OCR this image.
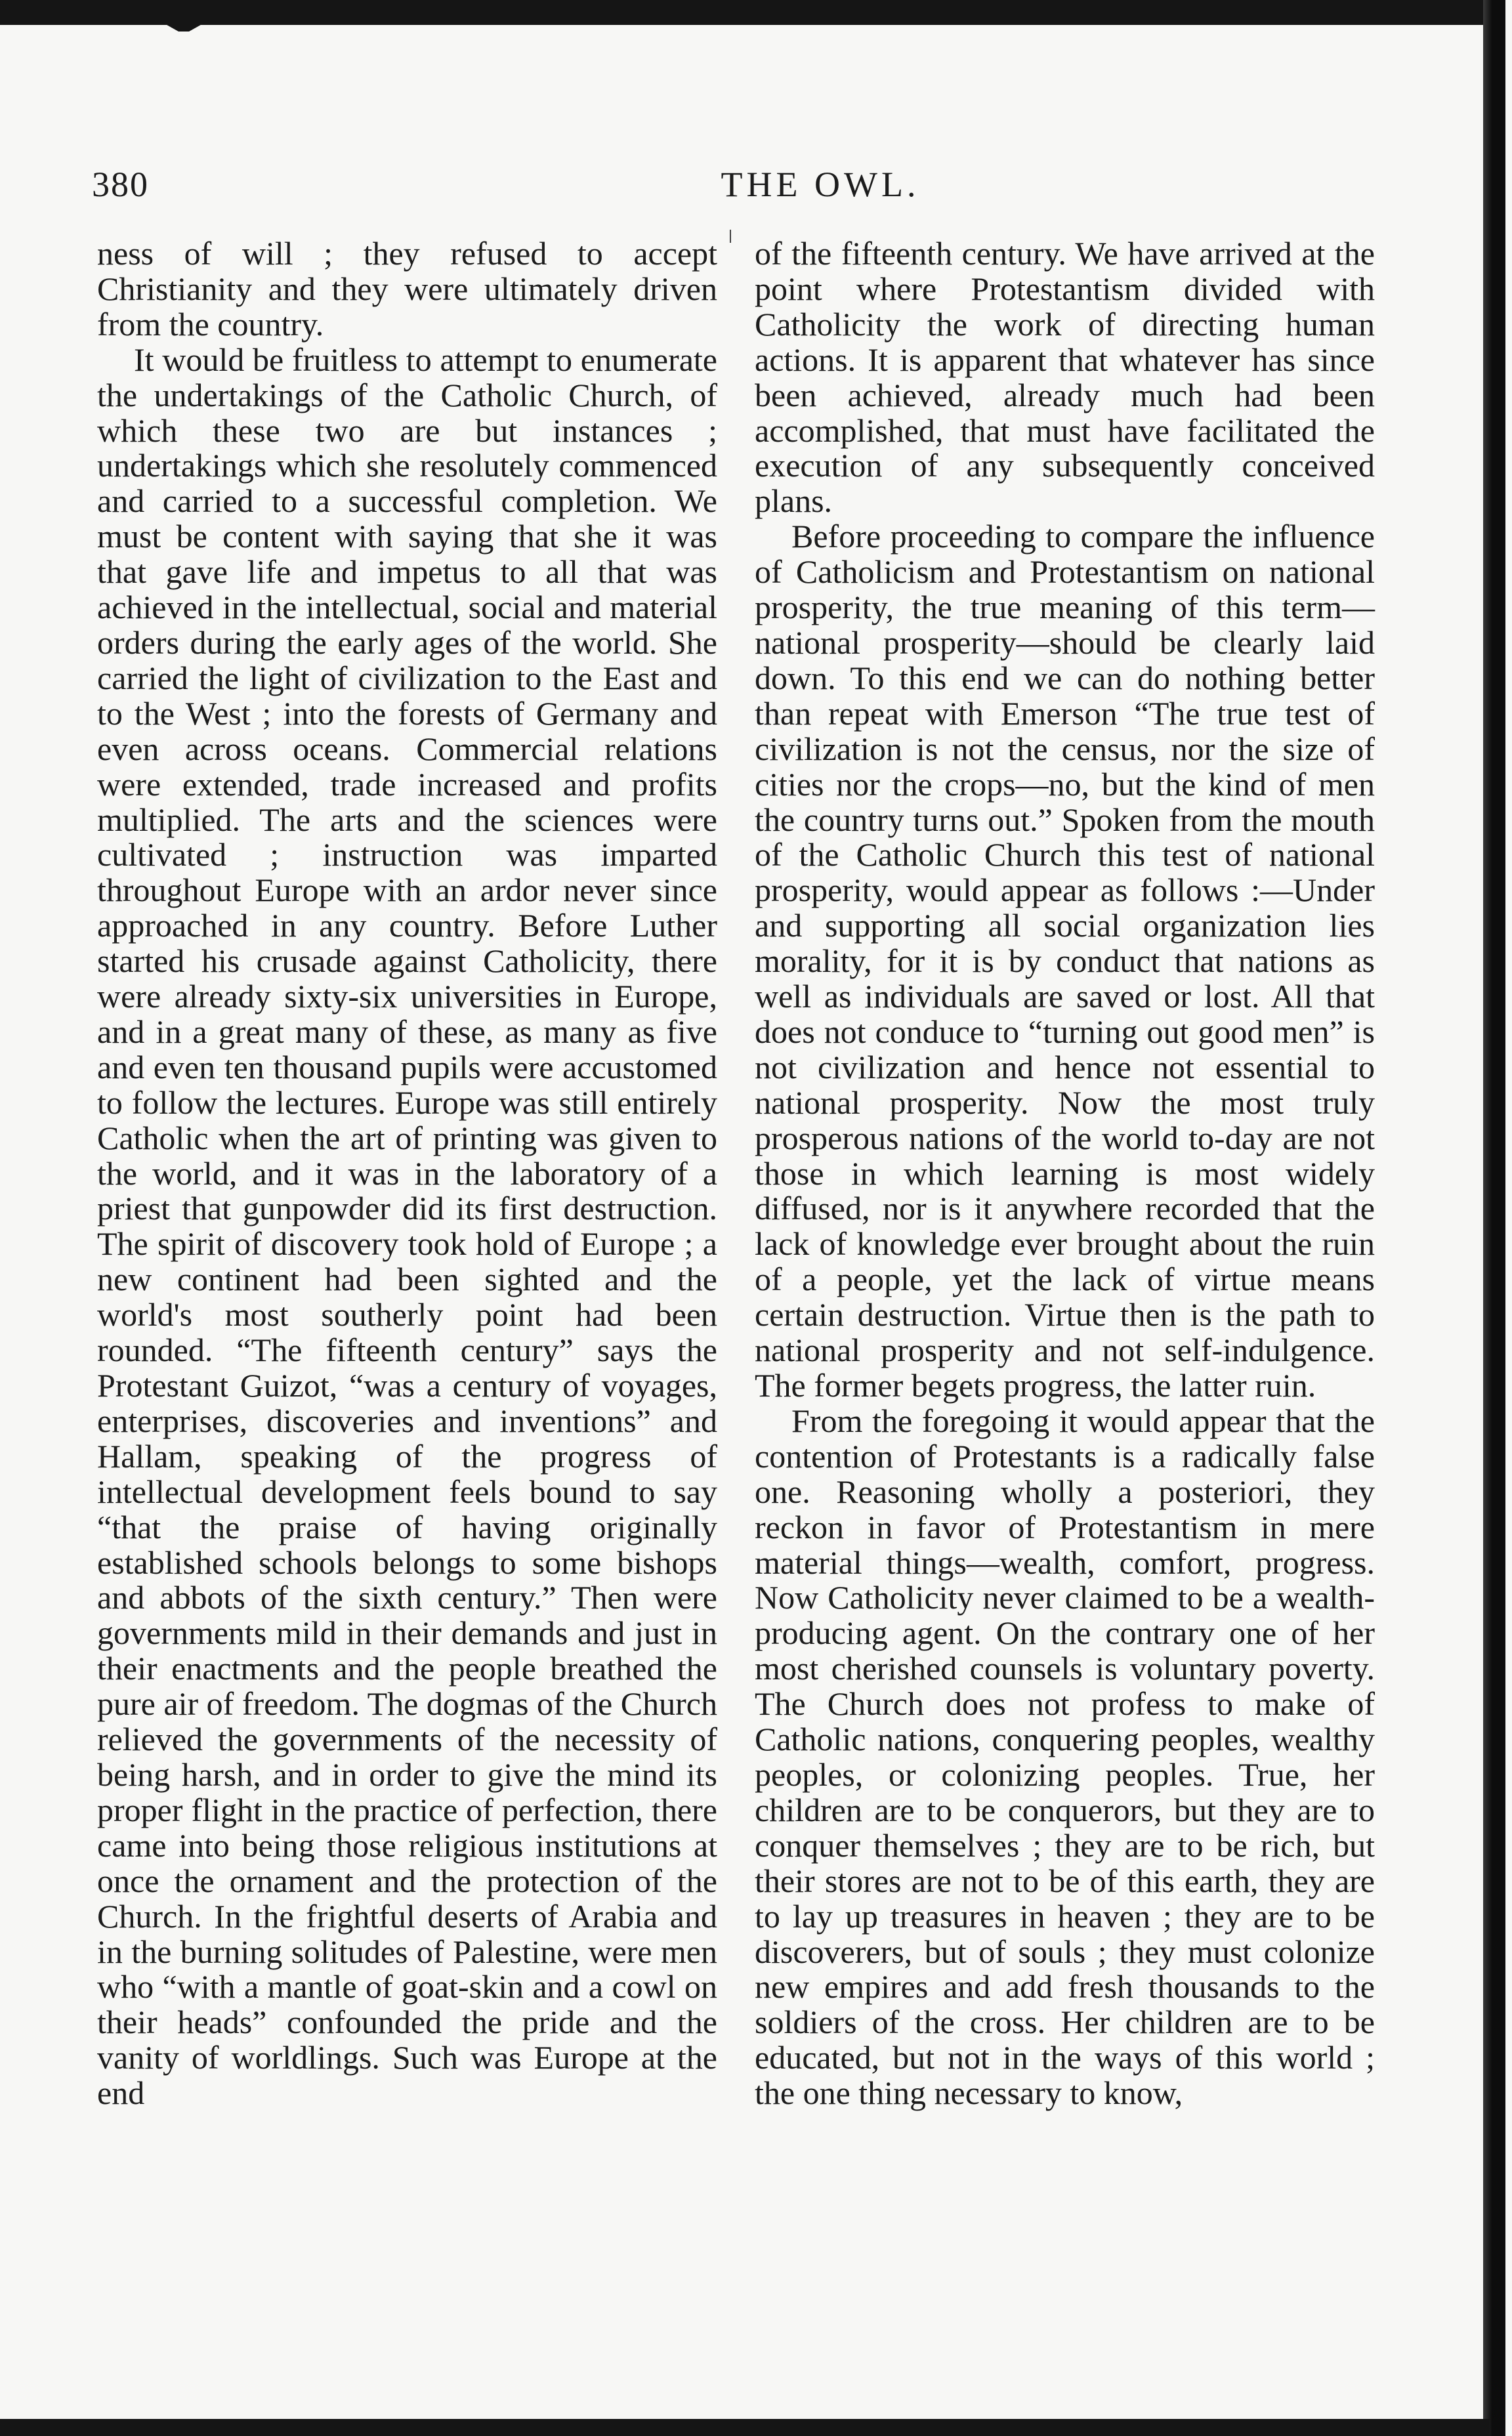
380	THE OWL.

ness of will ; they refused to accept Christianity and they were ultimately driven from the country.

It would be fruitless to attempt to enumerate the undertakings of the Catholic Church, of which these two are but instances ; undertakings which she resolutely commenced and carried to a successful completion. We must be content with saying that she it was that gave life and impetus to all that was achieved in the intellectual, social and material orders during the early ages of the world. She carried the light of civilization to the East and to the West ; into the forests of Germany and even across oceans. Commercial relations were extended, trade increased and profits multiplied. The arts and the sciences were cultivated ; instruction was imparted throughout Europe with an ardor never since approached in any country. Before Luther started his crusade against Catholicity, there were already sixty-six universities in Europe, and in a great many of these, as many as five and even ten thousand pupils were accustomed to follow the lectures. Europe was still entirely Catholic when the art of printing was given to the world, and it was in the laboratory of a priest that gunpowder did its first destruction. The spirit of discovery took hold of Europe ; a new continent had been sighted and the world's most southerly point had been rounded. “The fifteenth century” says the Protestant Guizot, “was a century of voyages, enterprises, discoveries and inventions” and Hallam, speaking of the progress of intellectual development feels bound to say “that the praise of having originally established schools belongs to some bishops and abbots of the sixth century.” Then were governments mild in their demands and just in their enactments and the people breathed the pure air of freedom. The dogmas of the Church relieved the governments of the necessity of being harsh, and in order to give the mind its proper flight in the practice of perfection, there came into being those religious institutions at once the ornament and the protection of the Church. In the frightful deserts of Arabia and in the burning solitudes of Palestine, were men who “with a mantle of goat-skin and a cowl on their heads” confounded the pride and the vanity of worldlings. Such was Europe at the end

of the fifteenth century. We have arrived at the point where Protestantism divided with Catholicity the work of directing human actions. It is apparent that whatever has since been achieved, already much had been accomplished, that must have facilitated the execution of any subsequently conceived plans.

Before proceeding to compare the influence of Catholicism and Protestantism on national prosperity, the true meaning of this term—national prosperity—should be clearly laid down. To this end we can do nothing better than repeat with Emerson “The true test of civilization is not the census, nor the size of cities nor the crops—no, but the kind of men the country turns out.” Spoken from the mouth of the Catholic Church this test of national prosperity, would appear as follows :—Under and supporting all social organization lies morality, for it is by conduct that nations as well as individuals are saved or lost. All that does not conduce to “turning out good men” is not civilization and hence not essential to national prosperity. Now the most truly prosperous nations of the world to-day are not those in which learning is most widely diffused, nor is it anywhere recorded that the lack of knowledge ever brought about the ruin of a people, yet the lack of virtue means certain destruction. Virtue then is the path to national prosperity and not self-indulgence. The former begets progress, the latter ruin.

From the foregoing it would appear that the contention of Protestants is a radically false one. Reasoning wholly a posteriori, they reckon in favor of Protestantism in mere material things—wealth, comfort, progress. Now Catholicity never claimed to be a wealth-producing agent. On the contrary one of her most cherished counsels is voluntary poverty. The Church does not profess to make of Catholic nations, conquering peoples, wealthy peoples, or colonizing peoples. True, her children are to be conquerors, but they are to conquer themselves ; they are to be rich, but their stores are not to be of this earth, they are to lay up treasures in heaven ; they are to be discoverers, but of souls ; they must colonize new empires and add fresh thousands to the soldiers of the cross. Her children are to be educated, but not in the ways of this world ; the one thing necessary to know,
